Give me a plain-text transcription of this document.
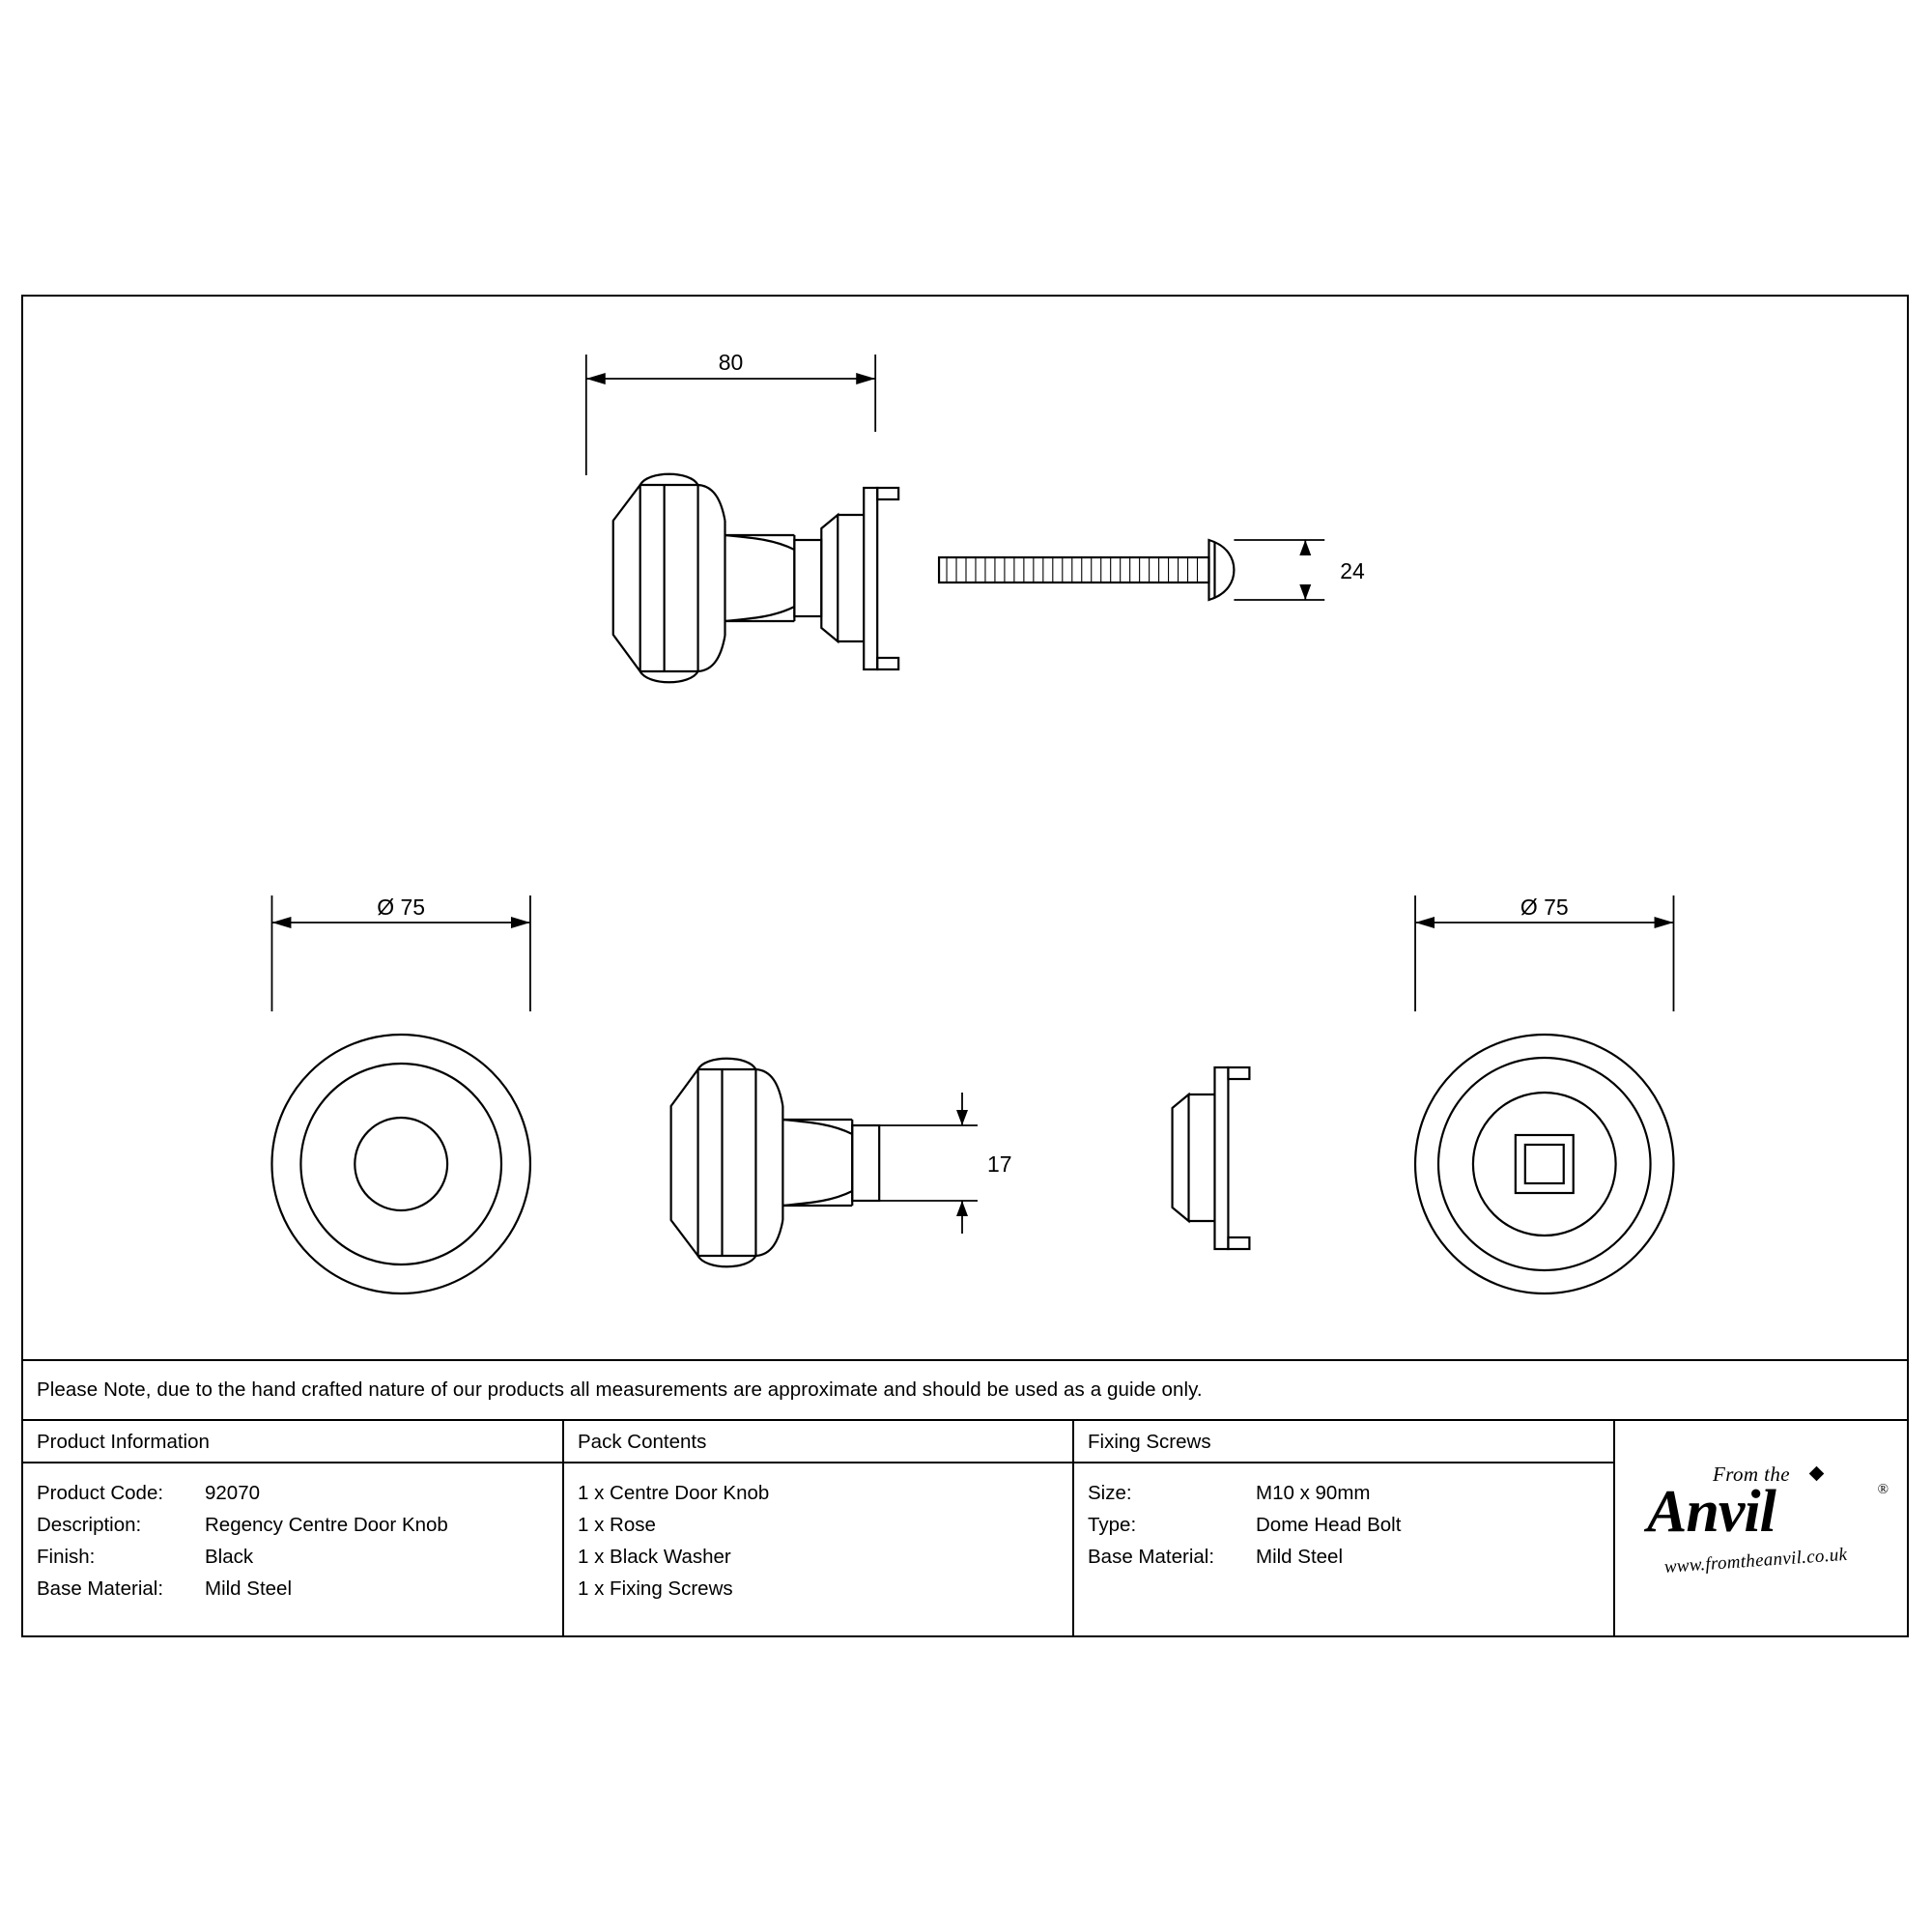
80
24
Ø 75	Ø 75
17
Please Note, due to the hand crafted nature of our products all measurements are approximate and should be used as a guide only.
Product Information
Product Code:	92070
Description:	Regency Centre Door Knob
Finish:	Black
Base Material:	Mild Steel
Pack Contents
1 x Centre Door Knob
1 x Rose
1 x Black Washer
1 x Fixing Screws
Fixing Screws
Size:	M10 x 90mm
Type:	Dome Head Bolt
Base Material:	Mild Steel
From the
Anvil	®
www.fromtheanvil.co.uk
